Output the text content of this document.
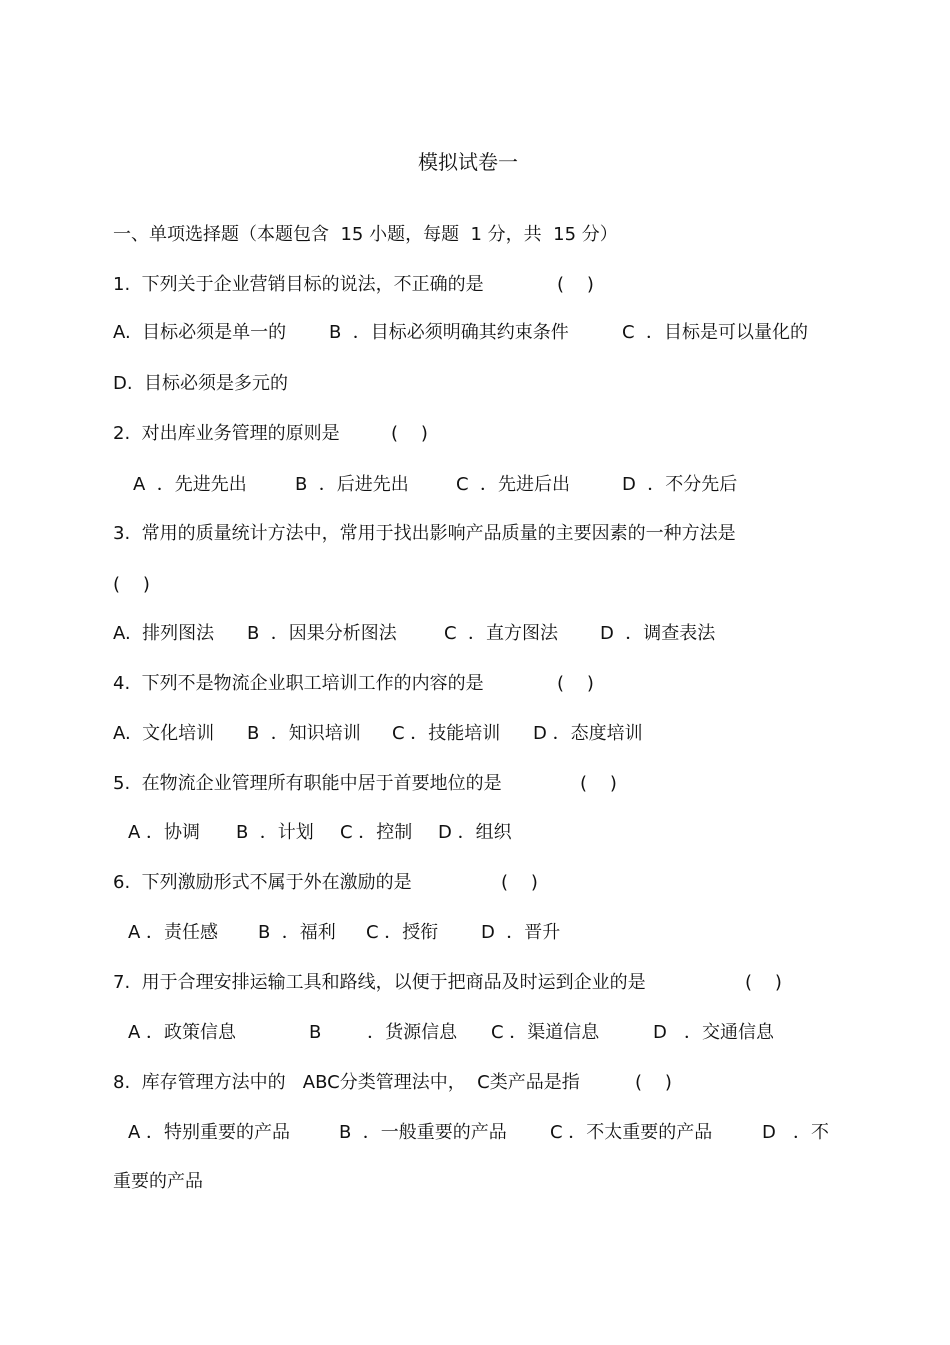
模拟试卷一
一、单项选择题（本题包含  15 小题，每题  1 分，共  15 分）
1.  下列关于企业营销目标的说法，不正确的是	(    )
A.  目标必须是单一的 B  ．目标必须明确其约束条件	C  ．目标是可以量化的
D.  目标必须是多元的
2.  对出库业务管理的原则是	(    )
A  ．先进先出	B  ．后进先出	C  ．先进后出	D  ．不分先后
3.  常用的质量统计方法中，常用于找出影响产品质量的主要因素的一种方法是
(    )
A.  排列图法 B  ．因果分析图法	C  ．直方图法 D  ．调查表法
4.  下列不是物流企业职工培训工作的内容的是	(    )
A.  文化培训 B  ．知识培训 C ．技能培训 D ．态度培训
5.  在物流企业管理所有职能中居于首要地位的是	(    )
A ．协调 B  ．计划 C ．控制 D ．组织
6.  下列激励形式不属于外在激励的是	(    )
A ．责任感 B  ．福利 C ．授衔 D  ．晋升
7.  用于合理安排运输工具和路线，以便于把商品及时运到企业的是	(    )
A ．政策信息	B        ．货源信息 C ．渠道信息	D   ．交通信息
8.  库存管理方法中的   ABC分类管理法中，  C类产品是指	(    )
A ．特别重要的产品	B  ．一般重要的产品 C ．不太重要的产品	D   ．不
重要的产品
